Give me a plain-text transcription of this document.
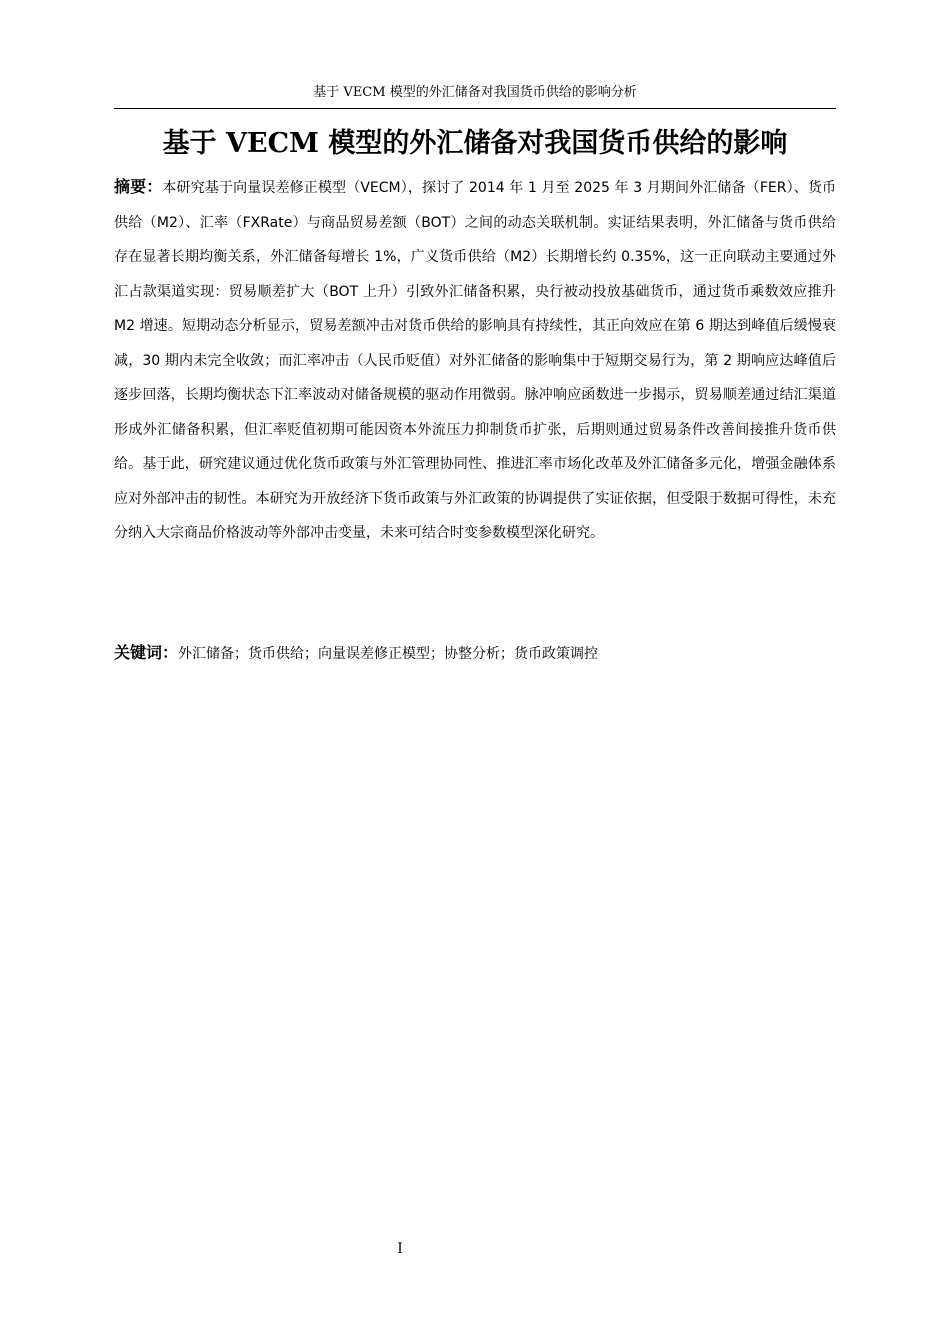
基于 VECM 模型的外汇储备对我国货币供给的影响分析
基于 VECM 模型的外汇储备对我国货币供给的影响

摘要：本研究基于向量误差修正模型（VECM），探讨了 2014 年 1 月至 2025 年 3 月期间外汇储备（FER）、货币供给（M2）、汇率（FXRate）与商品贸易差额（BOT）之间的动态关联机制。实证结果表明，外汇储备与货币供给存在显著长期均衡关系，外汇储备每增长 1%，广义货币供给（M2）长期增长约 0.35%，这一正向联动主要通过外汇占款渠道实现：贸易顺差扩大（BOT 上升）引致外汇储备积累，央行被动投放基础货币，通过货币乘数效应推升 M2 增速。短期动态分析显示，贸易差额冲击对货币供给的影响具有持续性，其正向效应在第 6 期达到峰值后缓慢衰减，30 期内未完全收敛；而汇率冲击（人民币贬值）对外汇储备的影响集中于短期交易行为，第 2 期响应达峰值后逐步回落，长期均衡状态下汇率波动对储备规模的驱动作用微弱。脉冲响应函数进一步揭示，贸易顺差通过结汇渠道形成外汇储备积累，但汇率贬值初期可能因资本外流压力抑制货币扩张，后期则通过贸易条件改善间接推升货币供给。基于此，研究建议通过优化货币政策与外汇管理协同性、推进汇率市场化改革及外汇储备多元化，增强金融体系应对外部冲击的韧性。本研究为开放经济下货币政策与外汇政策的协调提供了实证依据，但受限于数据可得性，未充分纳入大宗商品价格波动等外部冲击变量，未来可结合时变参数模型深化研究。

关键词：外汇储备；货币供给；向量误差修正模型；协整分析；货币政策调控

I
